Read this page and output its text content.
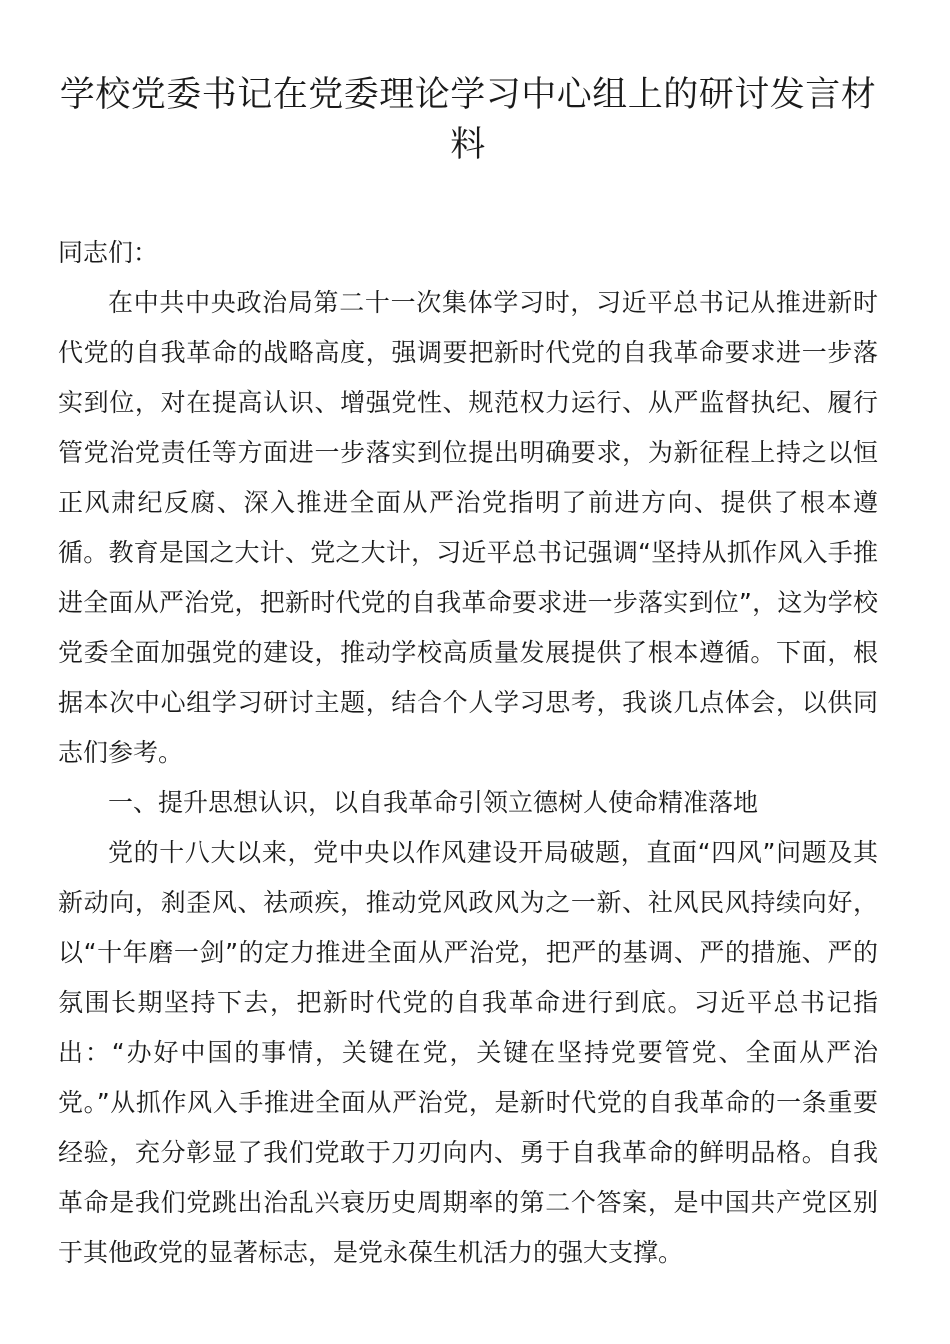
学校党委书记在党委理论学习中心组上的研讨发言材料

同志们：

在中共中央政治局第二十一次集体学习时，习近平总书记从推进新时代党的自我革命的战略高度，强调要把新时代党的自我革命要求进一步落实到位，对在提高认识、增强党性、规范权力运行、从严监督执纪、履行管党治党责任等方面进一步落实到位提出明确要求，为新征程上持之以恒正风肃纪反腐、深入推进全面从严治党指明了前进方向、提供了根本遵循。教育是国之大计、党之大计，习近平总书记强调“坚持从抓作风入手推进全面从严治党，把新时代党的自我革命要求进一步落实到位”，这为学校党委全面加强党的建设，推动学校高质量发展提供了根本遵循。下面，根据本次中心组学习研讨主题，结合个人学习思考，我谈几点体会，以供同志们参考。

一、提升思想认识，以自我革命引领立德树人使命精准落地

党的十八大以来，党中央以作风建设开局破题，直面“四风”问题及其新动向，刹歪风、祛顽疾，推动党风政风为之一新、社风民风持续向好，以“十年磨一剑”的定力推进全面从严治党，把严的基调、严的措施、严的氛围长期坚持下去，把新时代党的自我革命进行到底。习近平总书记指出：“办好中国的事情，关键在党，关键在坚持党要管党、全面从严治党。”从抓作风入手推进全面从严治党，是新时代党的自我革命的一条重要经验，充分彰显了我们党敢于刀刃向内、勇于自我革命的鲜明品格。自我革命是我们党跳出治乱兴衰历史周期率的第二个答案，是中国共产党区别于其他政党的显著标志，是党永葆生机活力的强大支撑。
